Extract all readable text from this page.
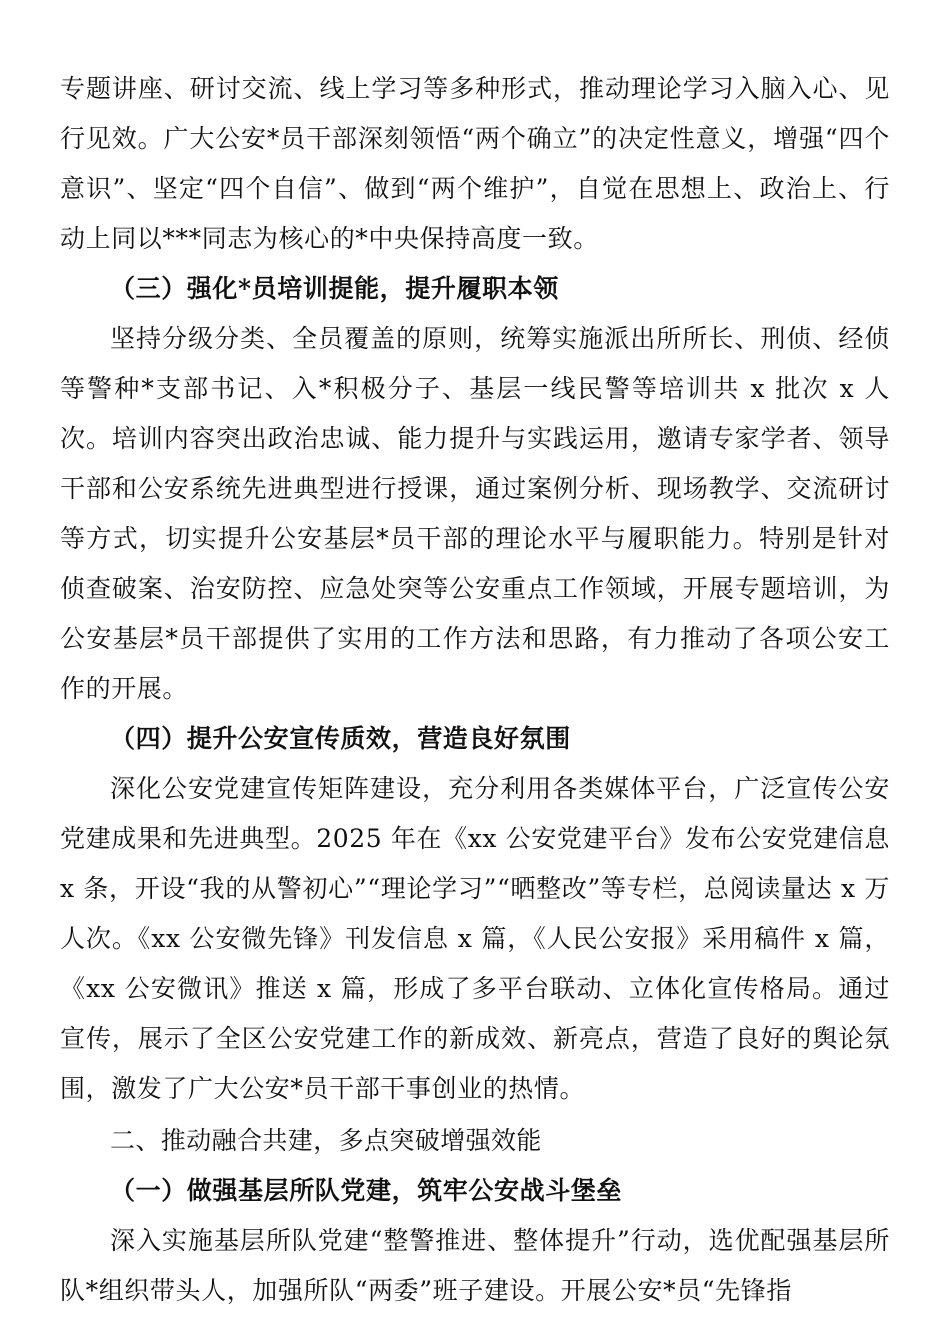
专题讲座、研讨交流、线上学习等多种形式，推动理论学习入脑入心、见行见效。广大公安*员干部深刻领悟“两个确立”的决定性意义，增强“四个意识”、坚定“四个自信”、做到“两个维护”，自觉在思想上、政治上、行动上同以***同志为核心的*中央保持高度一致。

（三）强化*员培训提能，提升履职本领

坚持分级分类、全员覆盖的原则，统筹实施派出所所长、刑侦、经侦等警种*支部书记、入*积极分子、基层一线民警等培训共 x 批次 x 人次。培训内容突出政治忠诚、能力提升与实践运用，邀请专家学者、领导干部和公安系统先进典型进行授课，通过案例分析、现场教学、交流研讨等方式，切实提升公安基层*员干部的理论水平与履职能力。特别是针对侦查破案、治安防控、应急处突等公安重点工作领域，开展专题培训，为公安基层*员干部提供了实用的工作方法和思路，有力推动了各项公安工作的开展。

（四）提升公安宣传质效，营造良好氛围

深化公安党建宣传矩阵建设，充分利用各类媒体平台，广泛宣传公安党建成果和先进典型。2025 年在《xx 公安党建平台》发布公安党建信息 x 条，开设“我的从警初心”“理论学习”“晒整改”等专栏，总阅读量达 x 万人次。《xx 公安微先锋》刊发信息 x 篇，《人民公安报》采用稿件 x 篇，《xx 公安微讯》推送 x 篇，形成了多平台联动、立体化宣传格局。通过宣传，展示了全区公安党建工作的新成效、新亮点，营造了良好的舆论氛围，激发了广大公安*员干部干事创业的热情。

二、推动融合共建，多点突破增强效能

（一）做强基层所队党建，筑牢公安战斗堡垒

深入实施基层所队党建“整警推进、整体提升”行动，选优配强基层所队*组织带头人，加强所队“两委”班子建设。开展公安*员“先锋指
